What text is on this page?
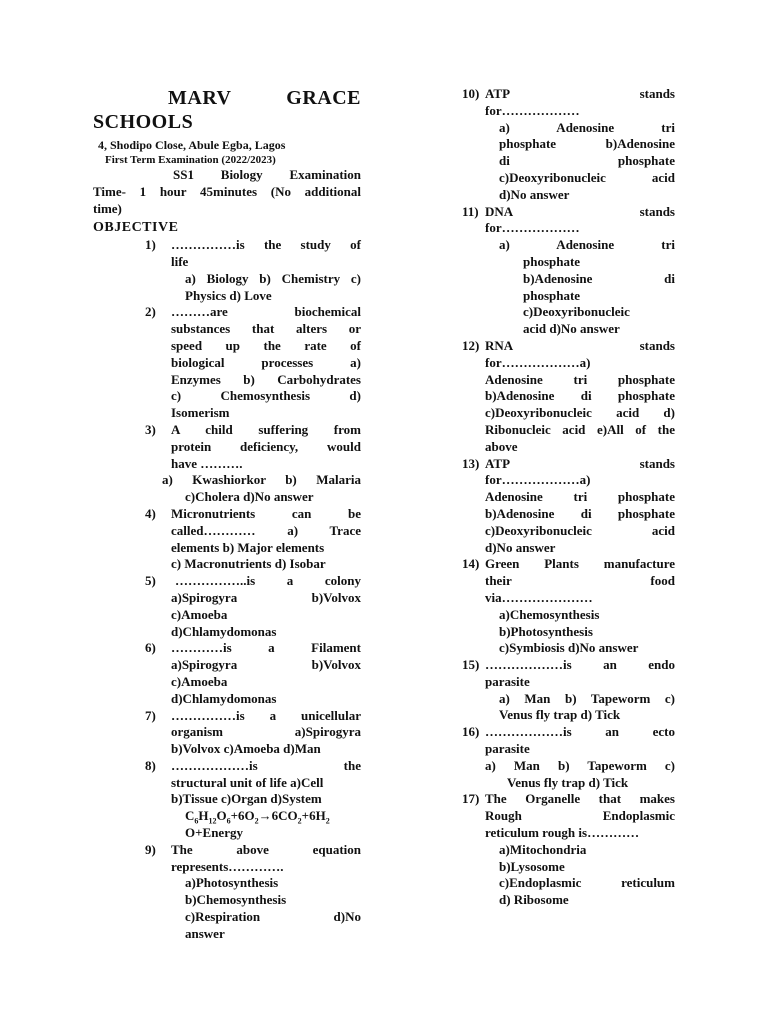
MARV GRACE
SCHOOLS
4, Shodipo Close, Abule Egba, Lagos
First Term Examination (2022/2023)
SS1 Biology Examination
Time- 1 hour 45minutes (No additional
time)
OBJECTIVE
1) ……………is the study of
life
a) Biology b) Chemistry c)
Physics d) Love
2) ………are biochemical
substances that alters or
speed up the rate of
biological processes a)
Enzymes b) Carbohydrates
c) Chemosynthesis d)
Isomerism
3) A child suffering from
protein deficiency, would
have ……….
a) Kwashiorkor b) Malaria
c)Cholera d)No answer
4) Micronutrients can be
called………… a) Trace
elements b) Major elements
c) Macronutrients d) Isobar
5)	……………..is a colony
a)Spirogyra b)Volvox
c)Amoeba
d)Chlamydomonas
6) …………is a Filament
a)Spirogyra b)Volvox
c)Amoeba
d)Chlamydomonas
7) ……………is a unicellular
organism a)Spirogyra
b)Volvox c)Amoeba d)Man
8) ………………is the
structural unit of life a)Cell
b)Tissue c)Organ d)System
$C_6H_{12}O_6+6O_2\to 6CO_2+6H_2$
O+Energy
9) The above equation
represents………….
a)Photosynthesis
b)Chemosynthesis
c)Respiration d)No
answer
10) ATP stands
for………………
a) Adenosine tri
phosphate b)Adenosine
di phosphate
c)Deoxyribonucleic acid
d)No answer
11) DNA stands
for………………
a) Adenosine tri
phosphate
b)Adenosine di
phosphate
c)Deoxyribonucleic
acid d)No answer
12) RNA stands
for………………a)
Adenosine tri phosphate
b)Adenosine di phosphate
c)Deoxyribonucleic acid d)
Ribonucleic acid e)All of the
above
13) ATP stands
for………………a)
Adenosine tri phosphate
b)Adenosine di phosphate
c)Deoxyribonucleic acid
d)No answer
14) Green Plants manufacture
their food
via…………………
a)Chemosynthesis
b)Photosynthesis
c)Symbiosis d)No answer
15) ………………is an endo
parasite
a) Man b) Tapeworm c)
Venus fly trap d) Tick
16) ………………is an ecto
parasite
a) Man b) Tapeworm c)
Venus fly trap d) Tick
17) The Organelle that makes
Rough Endoplasmic
reticulum rough is…………
a)Mitochondria
b)Lysosome
c)Endoplasmic reticulum
d) Ribosome
